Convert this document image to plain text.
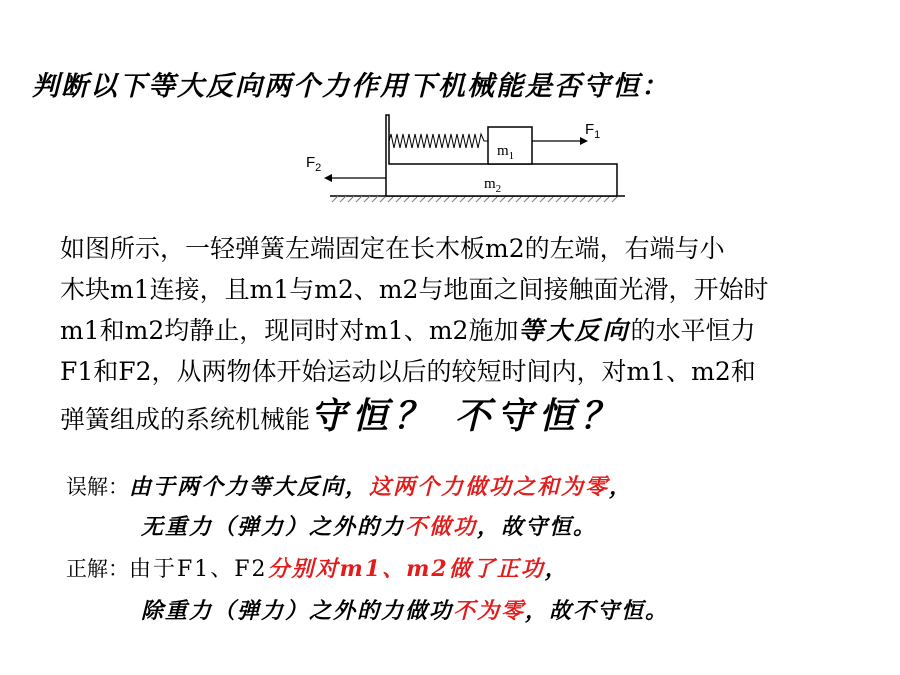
判断以下等大反向两个力作用下机械能是否守恒：
$m_1$
$m_2$
$F_1$
$F_2$
如图所示，一轻弹簧左端固定在长木板m2的左端，右端与小
木块m1连接，且m1与m2、m2与地面之间接触面光滑，开始时
m1和m2均静止，现同时对m1、m2施加等大反向的水平恒力
F1和F2，从两物体开始运动以后的较短时间内，对m1、m2和
弹簧组成的系统机械能守恒？ 不守恒？
误解：由于两个力等大反向，这两个力做功之和为零，
无重力（弹力）之外的力不做功，故守恒。
正解：由于F1、F2分别对m1、m2做了正功，
除重力（弹力）之外的力做功不为零，故不守恒。
